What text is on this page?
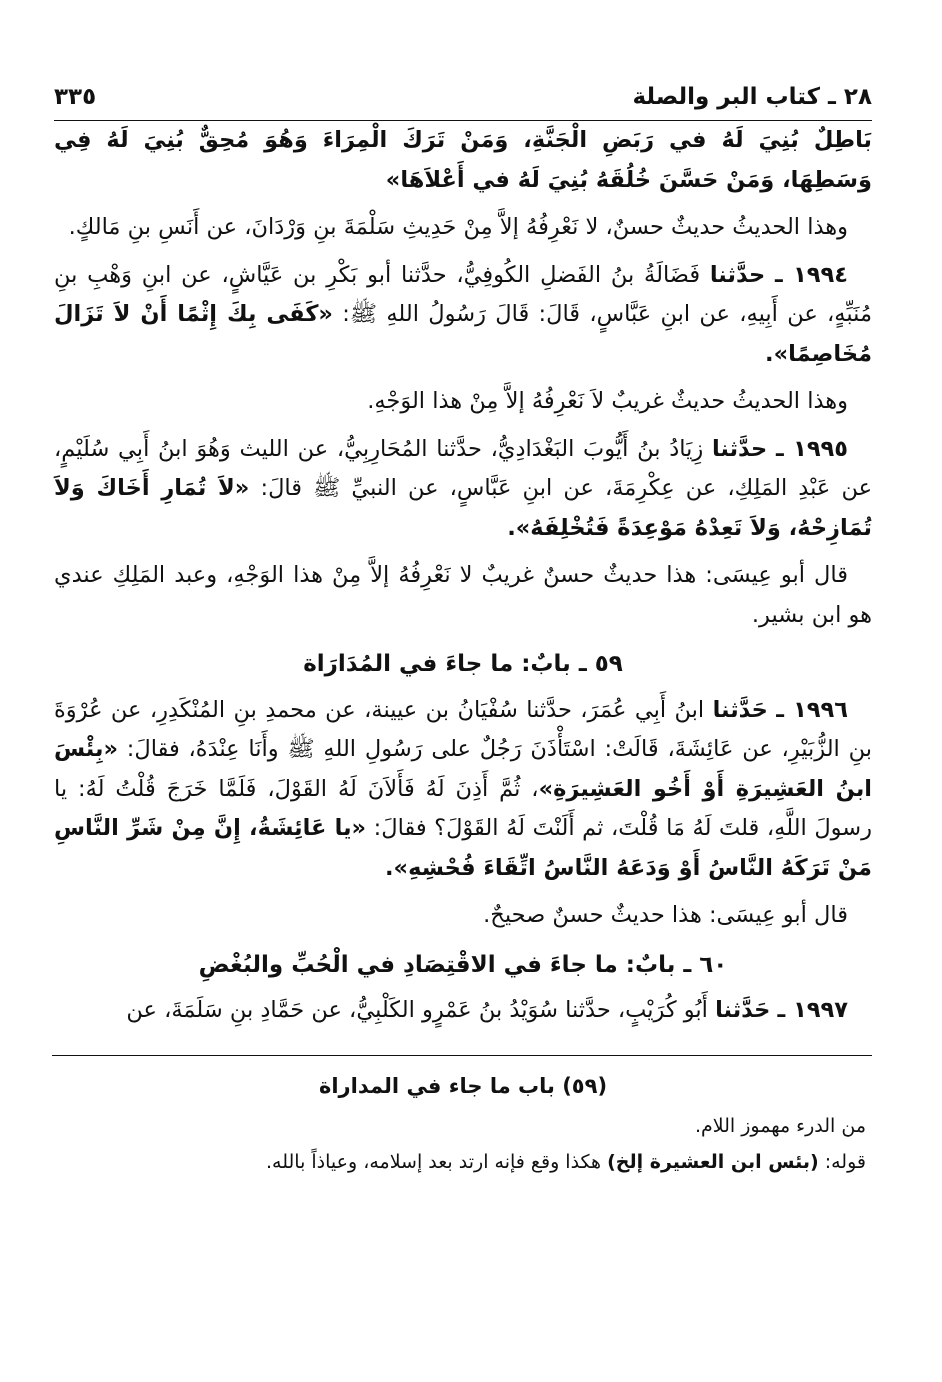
٢٨ ـ كتاب البر والصلة
٣٣٥

بَاطِلٌ بُنِيَ لَهُ في رَبَضِ الْجَنَّةِ، وَمَنْ تَرَكَ الْمِرَاءَ وَهُوَ مُحِقٌّ بُنِيَ لَهُ فِي وَسَطِهَا، وَمَنْ حَسَّنَ خُلُقَهُ بُنِيَ لَهُ في أَعْلاَهَا»

وهذا الحديثُ حديثٌ حسنٌ، لا نَعْرِفُهُ إلاَّ مِنْ حَدِيثِ سَلْمَةَ بنِ وَرْدَانَ، عن أَنَسِ بنِ مَالكٍ.

١٩٩٤ ـ حدَّثنا فَضَالَةُ بنُ الفَضلِ الكُوفِيُّ، حدَّثنا أبو بَكْرِ بن عَيَّاشٍ، عن ابنِ وَهْبِ بنِ مُنَبِّهٍ، عن أَبِيهِ، عن ابنِ عَبَّاسٍ، قَالَ: قَالَ رَسُولُ اللهِ ﷺ: «كَفَى بِكَ إِثْمًا أَنْ لاَ تَزَالَ مُخَاصِمًا».

وهذا الحديثُ حديثٌ غريبٌ لاَ نَعْرِفُهُ إلاَّ مِنْ هذا الوَجْهِ.

١٩٩٥ ـ حدَّثنا زِيَادُ بنُ أَيُّوبَ البَغْدَادِيُّ، حدَّثنا المُحَارِبِيُّ، عن الليث وَهُوَ ابنُ أَبِي سُلَيْمٍ، عن عَبْدِ المَلِكِ، عن عِكْرِمَةَ، عن ابنِ عَبَّاسٍ، عن النبيِّ ﷺ قالَ: «لاَ تُمَارِ أَخَاكَ وَلاَ تُمَازِحْهُ، وَلاَ تَعِدْهُ مَوْعِدَةً فَتُخْلِفَهُ».

قال أبو عِيسَى: هذا حديثٌ حسنٌ غريبٌ لا نَعْرِفُهُ إلاَّ مِنْ هذا الوَجْهِ، وعبد المَلِكِ عندي هو ابن بشير.

٥٩ ـ بابٌ: ما جاءَ في المُدَارَاة

١٩٩٦ ـ حَدَّثنا ابنُ أَبِي عُمَرَ، حدَّثنا سُفْيَانُ بن عيينة، عن محمدِ بنِ المُنْكَدِرِ، عن عُرْوَةَ بنِ الزُّبَيْرِ، عن عَائِشَةَ، قَالَتْ: اسْتَأْذَنَ رَجُلٌ على رَسُولِ اللهِ ﷺ وأَنَا عِنْدَهُ، فقالَ: «بِئْسَ ابنُ العَشِيرَةِ أَوْ أَخُو العَشِيرَةِ»، ثُمَّ أَذِنَ لَهُ فَأَلاَنَ لَهُ القَوْلَ، فَلَمَّا خَرَجَ قُلْتُ لَهُ: يا رسولَ اللَّهِ، قلتَ لَهُ مَا قُلْتَ، ثم أَلَنْتَ لَهُ القَوْلَ؟ فقالَ: «يا عَائِشَةُ، إِنَّ مِنْ شَرِّ النَّاسِ مَنْ تَرَكَهُ النَّاسُ أَوْ وَدَعَهُ النَّاسُ اتِّقَاءَ فُحْشِهِ».

قال أبو عِيسَى: هذا حديثٌ حسنٌ صحيحٌ.

٦٠ ـ بابٌ: ما جاءَ في الاقْتِصَادِ في الْحُبِّ والبُغْضِ

١٩٩٧ ـ حَدَّثنا أَبُو كُرَيْبٍ، حدَّثنا سُوَيْدُ بنُ عَمْرٍو الكَلْبِيُّ، عن حَمَّادِ بنِ سَلَمَةَ، عن

(٥٩) باب ما جاء في المداراة

من الدرء مهموز اللام.

قوله: (بئس ابن العشيرة إلخ) هكذا وقع فإنه ارتد بعد إسلامه، وعياذاً بالله.
